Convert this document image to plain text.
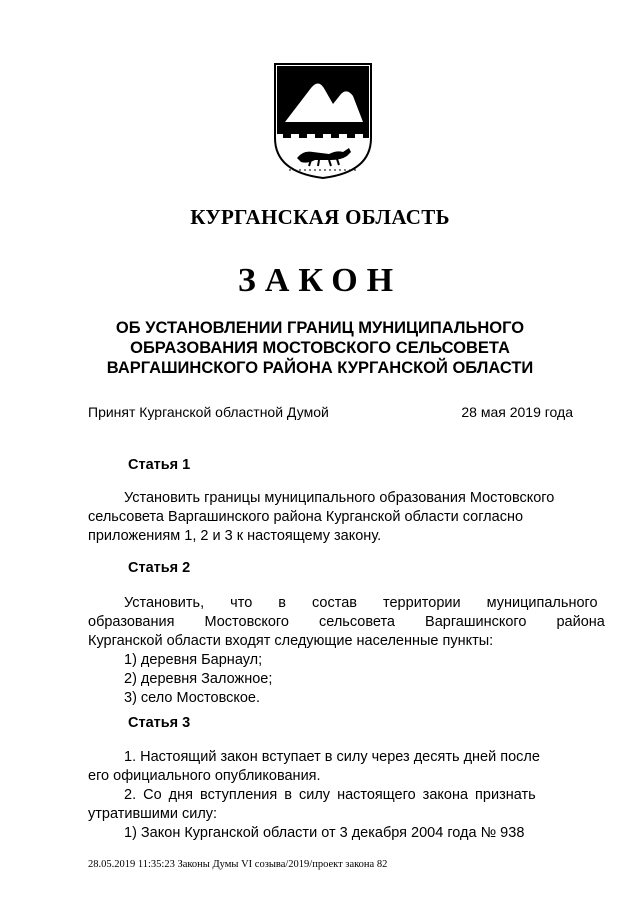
КУРГАНСКАЯ ОБЛАСТЬ
ЗАКОН
ОБ УСТАНОВЛЕНИИ ГРАНИЦ МУНИЦИПАЛЬНОГО
ОБРАЗОВАНИЯ МОСТОВСКОГО СЕЛЬСОВЕТА
ВАРГАШИНСКОГО РАЙОНА КУРГАНСКОЙ ОБЛАСТИ
Принят Курганской областной Думой	28 мая 2019 года
Статья 1
Установить границы муниципального образования Мостовского
сельсовета Варгашинского района Курганской области согласно
приложениям 1, 2 и 3 к настоящему закону.
Статья 2
Установить, что в состав территории муниципального
образования Мостовского сельсовета Варгашинского района
Курганской области входят следующие населенные пункты:
1) деревня Барнаул;
2) деревня Заложное;
3) село Мостовское.
Статья 3
1. Настоящий закон вступает в силу через десять дней после
его официального опубликования.
2. Со дня вступления в силу настоящего закона признать
утратившими силу:
1) Закон Курганской области от 3 декабря 2004 года № 938
28.05.2019 11:35:23 Законы Думы VI созыва/2019/проект закона 82
